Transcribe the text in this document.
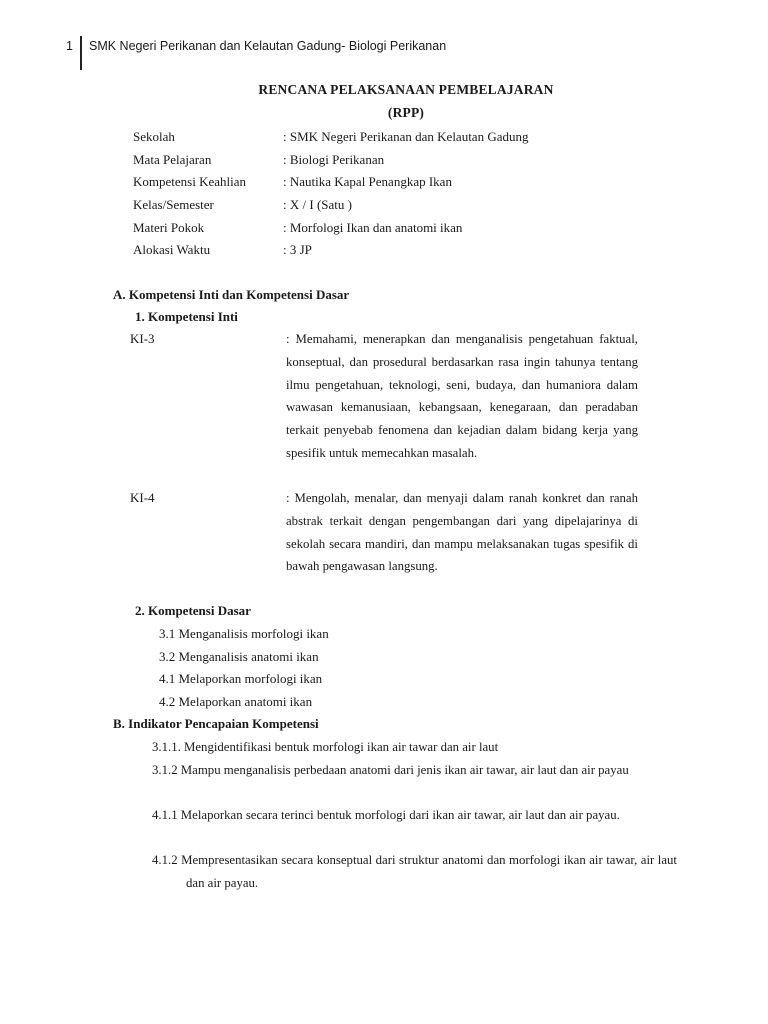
1 SMK Negeri Perikanan dan Kelautan Gadung- Biologi Perikanan
RENCANA PELAKSANAAN PEMBELAJARAN
(RPP)
Sekolah	: SMK Negeri Perikanan dan Kelautan Gadung
Mata Pelajaran	: Biologi Perikanan
Kompetensi Keahlian	: Nautika Kapal Penangkap Ikan
Kelas/Semester	: X / I (Satu )
Materi Pokok	: Morfologi Ikan dan anatomi ikan
Alokasi Waktu	: 3 JP
A. Kompetensi Inti dan Kompetensi Dasar
1. Kompetensi Inti
KI-3	: Memahami, menerapkan dan menganalisis pengetahuan faktual, konseptual, dan prosedural berdasarkan rasa ingin tahunya tentang ilmu pengetahuan, teknologi, seni, budaya, dan humaniora dalam wawasan kemanusiaan, kebangsaan, kenegaraan, dan peradaban terkait penyebab fenomena dan kejadian dalam bidang kerja yang spesifik untuk memecahkan masalah.
KI-4	: Mengolah, menalar, dan menyaji dalam ranah konkret dan ranah abstrak terkait dengan pengembangan dari yang dipelajarinya di sekolah secara mandiri, dan mampu melaksanakan tugas spesifik di bawah pengawasan langsung.
2. Kompetensi Dasar
3.1 Menganalisis morfologi ikan
3.2 Menganalisis anatomi ikan
4.1 Melaporkan morfologi ikan
4.2 Melaporkan anatomi ikan
B. Indikator Pencapaian Kompetensi
3.1.1. Mengidentifikasi bentuk morfologi ikan air tawar dan air laut
3.1.2 Mampu menganalisis perbedaan anatomi dari jenis ikan air tawar, air laut dan air payau
4.1.1 Melaporkan secara terinci bentuk morfologi dari ikan air tawar, air laut dan air payau.
4.1.2 Mempresentasikan secara konseptual dari struktur anatomi dan morfologi ikan air tawar, air laut dan air payau.
